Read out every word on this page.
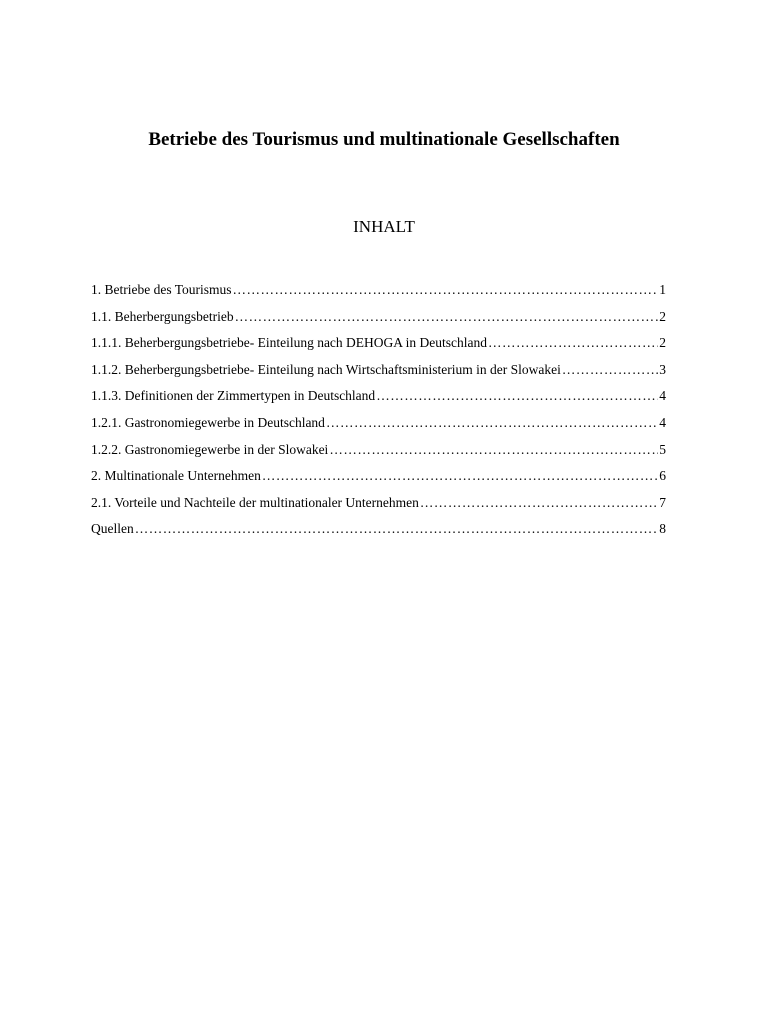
Betriebe des Tourismus und multinationale Gesellschaften
INHALT
1. Betriebe des Tourismus …………………………………………………………………………………………………………………………………………………………………………………………………………	1
1.1. Beherbergungsbetrieb …………………………………………………………………………………………………………………………………………………………………………………………………………	2
1.1.1. Beherbergungsbetriebe- Einteilung nach DEHOGA in Deutschland …………………………………………………………………………………………………………………………………………………………………………………………………………	2
1.1.2. Beherbergungsbetriebe- Einteilung nach Wirtschaftsministerium in der Slowakei …………………………………………………………………………………………………………………………………………………………………………………………………………	3
1.1.3. Definitionen der Zimmertypen in Deutschland …………………………………………………………………………………………………………………………………………………………………………………………………………	4
1.2.1. Gastronomiegewerbe in Deutschland …………………………………………………………………………………………………………………………………………………………………………………………………………	4
1.2.2. Gastronomiegewerbe in der Slowakei …………………………………………………………………………………………………………………………………………………………………………………………………………	5
2. Multinationale Unternehmen …………………………………………………………………………………………………………………………………………………………………………………………………………	6
2.1. Vorteile und Nachteile der multinationaler Unternehmen …………………………………………………………………………………………………………………………………………………………………………………………………………	7
Quellen …………………………………………………………………………………………………………………………………………………………………………………………………………	8
